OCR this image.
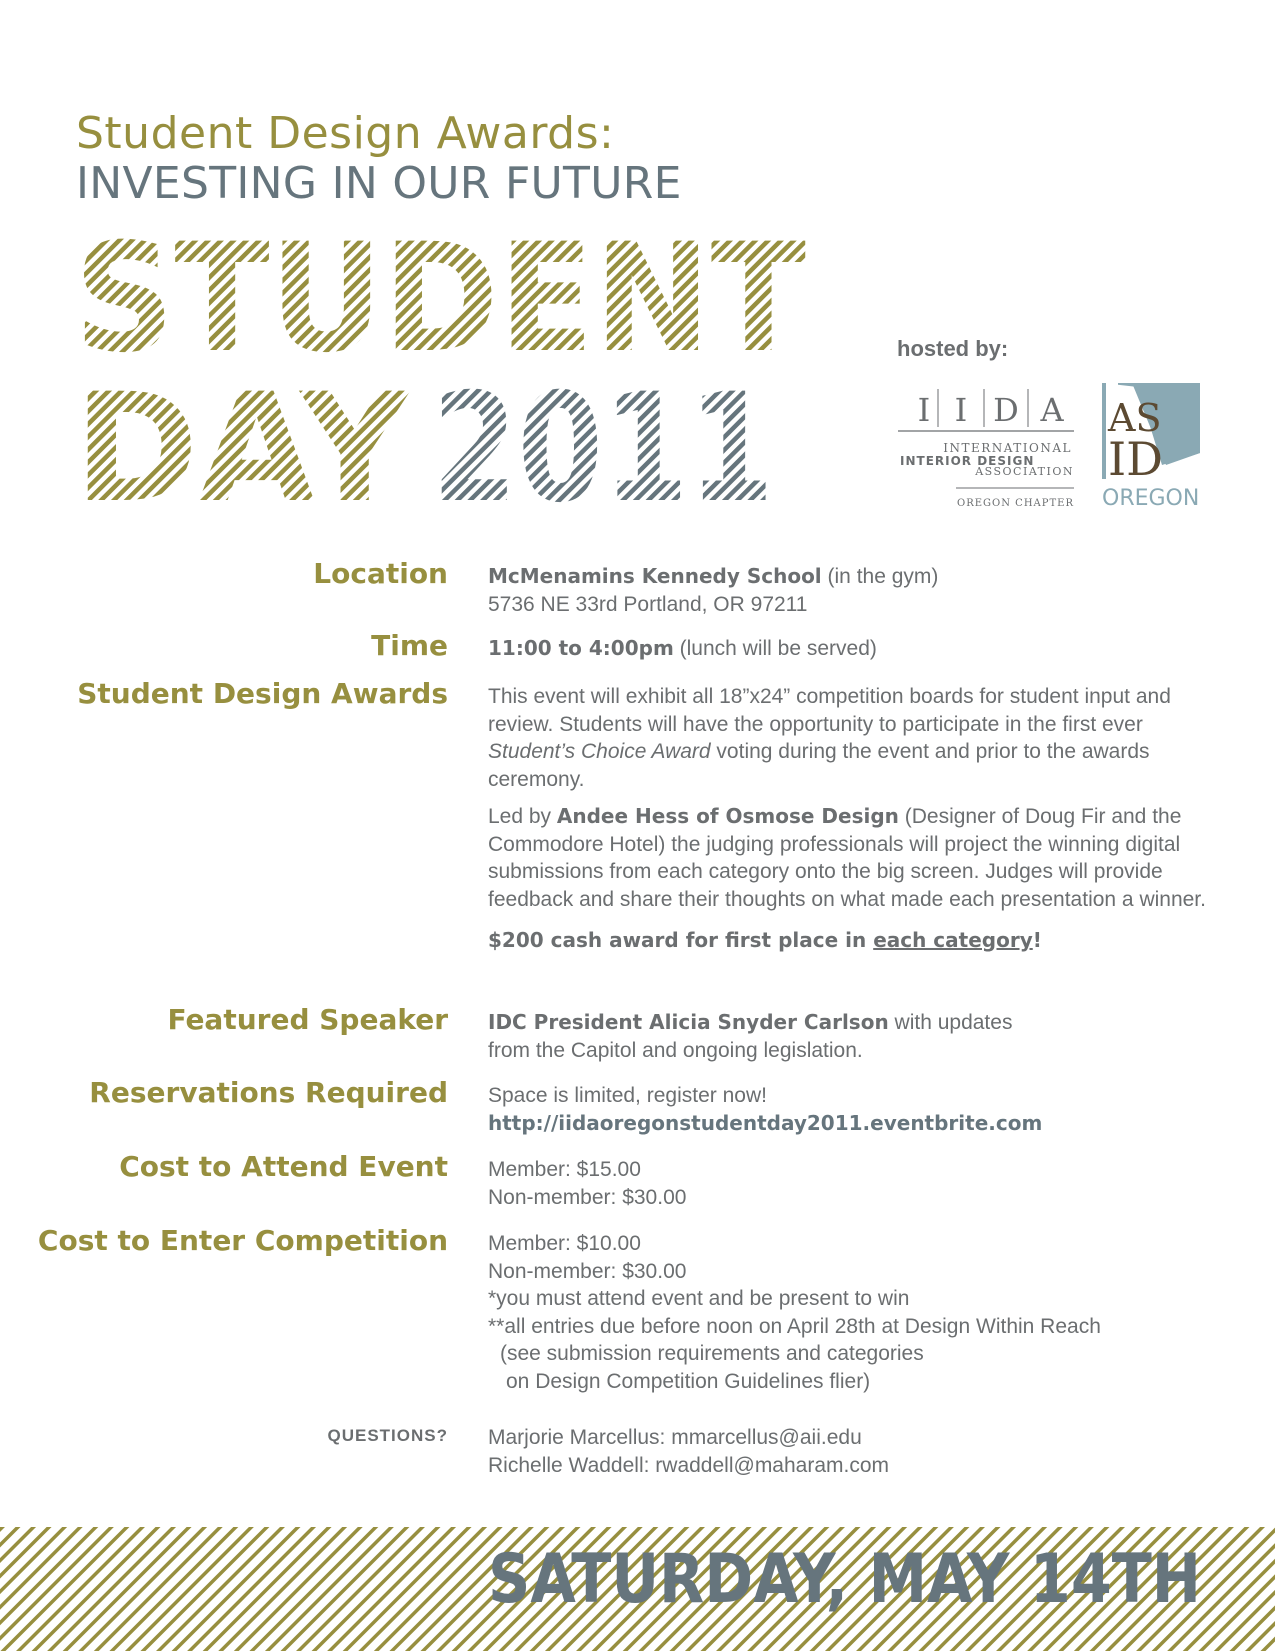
Student Design Awards:
INVESTING IN OUR FUTURE
STUDENT
DAY 2011
hosted by:
I I D A
INTERNATIONAL
INTERIOR DESIGN
ASSOCIATION
OREGON CHAPTER
AS
ID
OREGON
Location McMenamins Kennedy School (in the gym)
5736 NE 33rd Portland, OR 97211
Time 11:00 to 4:00pm (lunch will be served)
Student Design Awards This event will exhibit all 18”x24” competition boards for student input and review. Students will have the opportunity to participate in the first ever Student’s Choice Award voting during the event and prior to the awards ceremony.

Led by Andee Hess of Osmose Design (Designer of Doug Fir and the Commodore Hotel) the judging professionals will project the winning digital submissions from each category onto the big screen. Judges will provide feedback and share their thoughts on what made each presentation a winner.

$200 cash award for first place in each category!

Featured Speaker IDC President Alicia Snyder Carlson with updates
from the Capitol and ongoing legislation.
Reservations Required Space is limited, register now!
http://iidaoregonstudentday2011.eventbrite.com
Cost to Attend Event Member: $15.00
Non-member: $30.00
Cost to Enter Competition Member: $10.00
Non-member: $30.00
*you must attend event and be present to win
**all entries due before noon on April 28th at Design Within Reach
(see submission requirements and categories
on Design Competition Guidelines flier)
QUESTIONS? Marjorie Marcellus: mmarcellus@aii.edu
Richelle Waddell: rwaddell@maharam.com
SATURDAY, MAY 14TH
